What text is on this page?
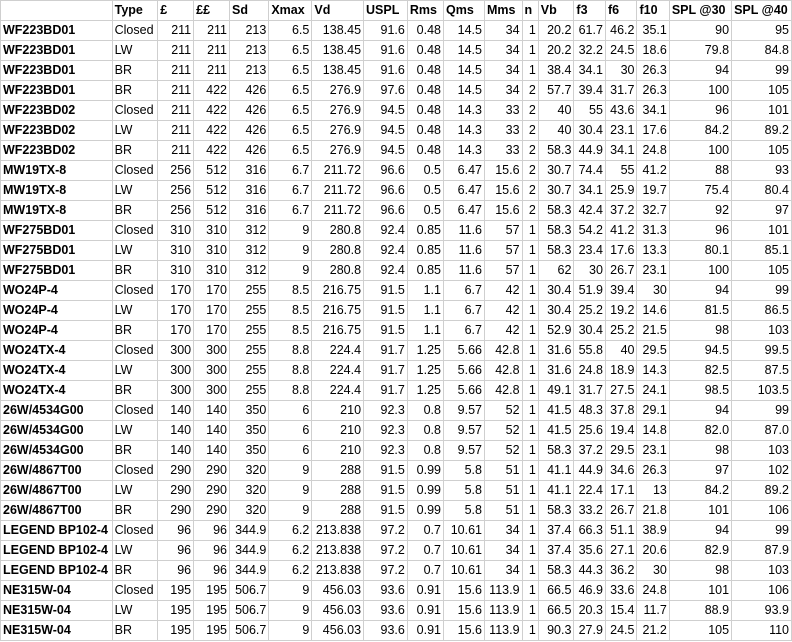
	Type	£	££	Sd	Xmax	Vd	USPL	Rms	Qms	Mms	n	Vb	f3	f6	f10	SPL @30	SPL @40
WF223BD01	Closed	211	211	213	6.5	138.45	91.6	0.48	14.5	34	1	20.2	61.7	46.2	35.1	90	95
WF223BD01	LW	211	211	213	6.5	138.45	91.6	0.48	14.5	34	1	20.2	32.2	24.5	18.6	79.8	84.8
WF223BD01	BR	211	211	213	6.5	138.45	91.6	0.48	14.5	34	1	38.4	34.1	30	26.3	94	99
WF223BD01	BR	211	422	426	6.5	276.9	97.6	0.48	14.5	34	2	57.7	39.4	31.7	26.3	100	105
WF223BD02	Closed	211	422	426	6.5	276.9	94.5	0.48	14.3	33	2	40	55	43.6	34.1	96	101
WF223BD02	LW	211	422	426	6.5	276.9	94.5	0.48	14.3	33	2	40	30.4	23.1	17.6	84.2	89.2
WF223BD02	BR	211	422	426	6.5	276.9	94.5	0.48	14.3	33	2	58.3	44.9	34.1	24.8	100	105
MW19TX-8	Closed	256	512	316	6.7	211.72	96.6	0.5	6.47	15.6	2	30.7	74.4	55	41.2	88	93
MW19TX-8	LW	256	512	316	6.7	211.72	96.6	0.5	6.47	15.6	2	30.7	34.1	25.9	19.7	75.4	80.4
MW19TX-8	BR	256	512	316	6.7	211.72	96.6	0.5	6.47	15.6	2	58.3	42.4	37.2	32.7	92	97
WF275BD01	Closed	310	310	312	9	280.8	92.4	0.85	11.6	57	1	58.3	54.2	41.2	31.3	96	101
WF275BD01	LW	310	310	312	9	280.8	92.4	0.85	11.6	57	1	58.3	23.4	17.6	13.3	80.1	85.1
WF275BD01	BR	310	310	312	9	280.8	92.4	0.85	11.6	57	1	62	30	26.7	23.1	100	105
WO24P-4	Closed	170	170	255	8.5	216.75	91.5	1.1	6.7	42	1	30.4	51.9	39.4	30	94	99
WO24P-4	LW	170	170	255	8.5	216.75	91.5	1.1	6.7	42	1	30.4	25.2	19.2	14.6	81.5	86.5
WO24P-4	BR	170	170	255	8.5	216.75	91.5	1.1	6.7	42	1	52.9	30.4	25.2	21.5	98	103
WO24TX-4	Closed	300	300	255	8.8	224.4	91.7	1.25	5.66	42.8	1	31.6	55.8	40	29.5	94.5	99.5
WO24TX-4	LW	300	300	255	8.8	224.4	91.7	1.25	5.66	42.8	1	31.6	24.8	18.9	14.3	82.5	87.5
WO24TX-4	BR	300	300	255	8.8	224.4	91.7	1.25	5.66	42.8	1	49.1	31.7	27.5	24.1	98.5	103.5
26W/4534G00	Closed	140	140	350	6	210	92.3	0.8	9.57	52	1	41.5	48.3	37.8	29.1	94	99
26W/4534G00	LW	140	140	350	6	210	92.3	0.8	9.57	52	1	41.5	25.6	19.4	14.8	82.0	87.0
26W/4534G00	BR	140	140	350	6	210	92.3	0.8	9.57	52	1	58.3	37.2	29.5	23.1	98	103
26W/4867T00	Closed	290	290	320	9	288	91.5	0.99	5.8	51	1	41.1	44.9	34.6	26.3	97	102
26W/4867T00	LW	290	290	320	9	288	91.5	0.99	5.8	51	1	41.1	22.4	17.1	13	84.2	89.2
26W/4867T00	BR	290	290	320	9	288	91.5	0.99	5.8	51	1	58.3	33.2	26.7	21.8	101	106
LEGEND BP102-4	Closed	96	96	344.9	6.2	213.838	97.2	0.7	10.61	34	1	37.4	66.3	51.1	38.9	94	99
LEGEND BP102-4	LW	96	96	344.9	6.2	213.838	97.2	0.7	10.61	34	1	37.4	35.6	27.1	20.6	82.9	87.9
LEGEND BP102-4	BR	96	96	344.9	6.2	213.838	97.2	0.7	10.61	34	1	58.3	44.3	36.2	30	98	103
NE315W-04	Closed	195	195	506.7	9	456.03	93.6	0.91	15.6	113.9	1	66.5	46.9	33.6	24.8	101	106
NE315W-04	LW	195	195	506.7	9	456.03	93.6	0.91	15.6	113.9	1	66.5	20.3	15.4	11.7	88.9	93.9
NE315W-04	BR	195	195	506.7	9	456.03	93.6	0.91	15.6	113.9	1	90.3	27.9	24.5	21.2	105	110
